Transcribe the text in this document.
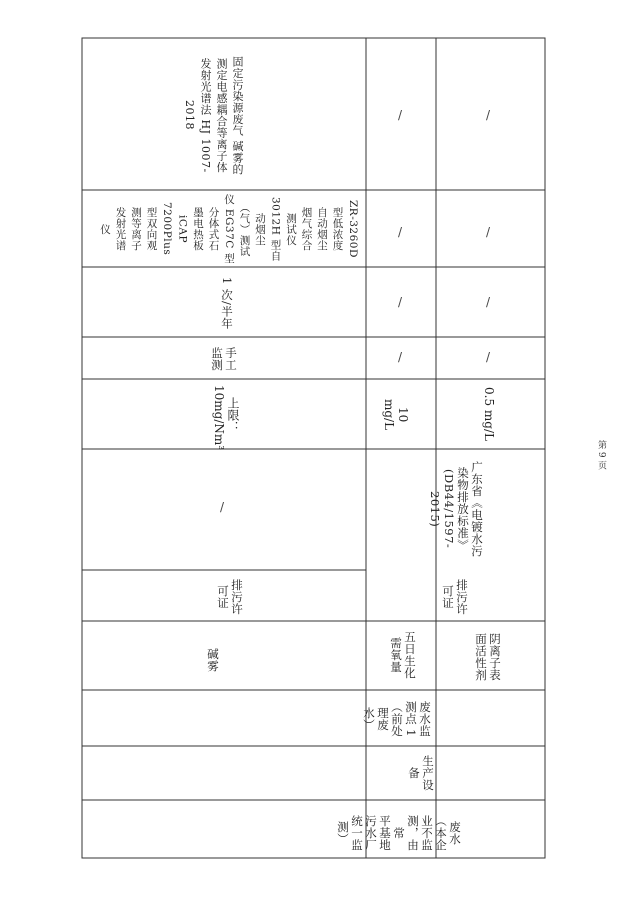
废水
（本企
业不监
测，由常
平基地
污水厂
统一监
测）
碱雾
排污许
可证
/
上限：
10mg/Nm³
手工
监测
1 次/半年
ZR-3260D
型低浓度
自动烟尘
烟气综合
测试仪
3012H 型自
动烟尘
（气）测试
仪 EG37C 型
分体式石
墨电热板
iCAP
7200Plus
型双向观
测等离子
发射光谱
仪
固定污染源废气 碱雾的
测定电感耦合等离子体
发射光谱法 HJ 1007-2018
生产设
备
废水监
测点 1
（前处
理废
水）
五日生化
需氧量
排污许
可证
广东省《电镀水污
染物排放标准》
(DB44/1597-2015)
10 mg/L
/
/
/
/
阴离子表
面活性剂
0.5 mg/L
/
/
/
/
第 9 页
